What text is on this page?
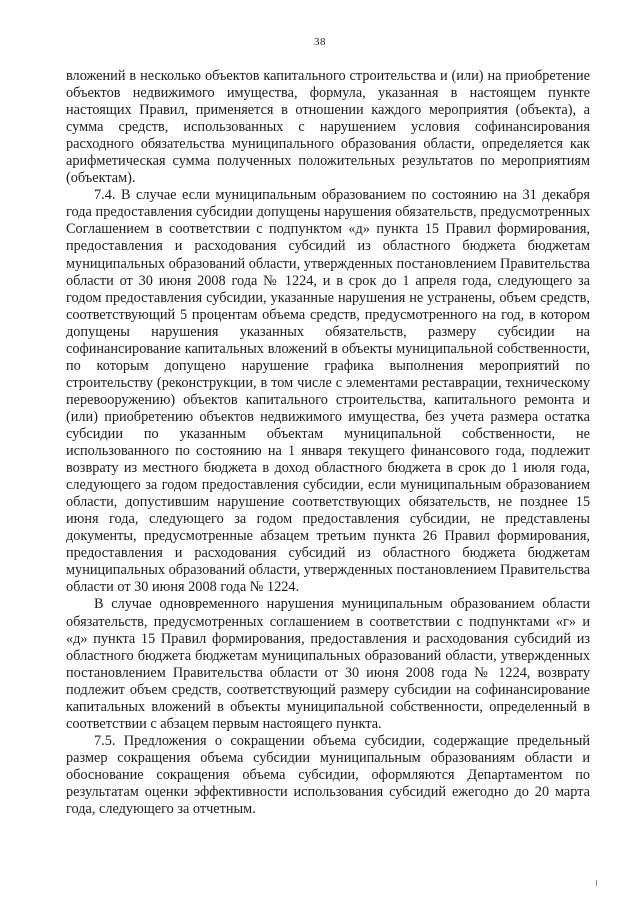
38

вложений в несколько объектов капитального строительства и (или) на приобретение объектов недвижимого имущества, формула, указанная в настоящем пункте настоящих Правил, применяется в отношении каждого мероприятия (объекта), а сумма средств, использованных с нарушением условия софинансирования расходного обязательства муниципального образования области, определяется как арифметическая сумма полученных положительных результатов по мероприятиям (объектам).

7.4. В случае если муниципальным образованием по состоянию на 31 декабря года предоставления субсидии допущены нарушения обязательств, предусмотренных Соглашением в соответствии с подпунктом «д» пункта 15 Правил формирования, предоставления и расходования субсидий из областного бюджета бюджетам муниципальных образований области, утвержденных постановлением Правительства области от 30 июня 2008 года № 1224, и в срок до 1 апреля года, следующего за годом предоставления субсидии, указанные нарушения не устранены, объем средств, соответствующий 5 процентам объема средств, предусмотренного на год, в котором допущены нарушения указанных обязательств, размеру субсидии на софинансирование капитальных вложений в объекты муниципальной собственности, по которым допущено нарушение графика выполнения мероприятий по строительству (реконструкции, в том числе с элементами реставрации, техническому перевооружению) объектов капитального строительства, капитального ремонта и (или) приобретению объектов недвижимого имущества, без учета размера остатка субсидии по указанным объектам муниципальной собственности, не использованного по состоянию на 1 января текущего финансового года, подлежит возврату из местного бюджета в доход областного бюджета в срок до 1 июля года, следующего за годом предоставления субсидии, если муниципальным образованием области, допустившим нарушение соответствующих обязательств, не позднее 15 июня года, следующего за годом предоставления субсидии, не представлены документы, предусмотренные абзацем третьим пункта 26 Правил формирования, предоставления и расходования субсидий из областного бюджета бюджетам муниципальных образований области, утвержденных постановлением Правительства области от 30 июня 2008 года № 1224.

В случае одновременного нарушения муниципальным образованием области обязательств, предусмотренных соглашением в соответствии с подпунктами «г» и «д» пункта 15 Правил формирования, предоставления и расходования субсидий из областного бюджета бюджетам муниципальных образований области, утвержденных постановлением Правительства области от 30 июня 2008 года № 1224, возврату подлежит объем средств, соответствующий размеру субсидии на софинансирование капитальных вложений в объекты муниципальной собственности, определенный в соответствии с абзацем первым настоящего пункта.

7.5. Предложения о сокращении объема субсидии, содержащие предельный размер сокращения объема субсидии муниципальным образованиям области и обоснование сокращения объема субсидии, оформляются Департаментом по результатам оценки эффективности использования субсидий ежегодно до 20 марта года, следующего за отчетным.
